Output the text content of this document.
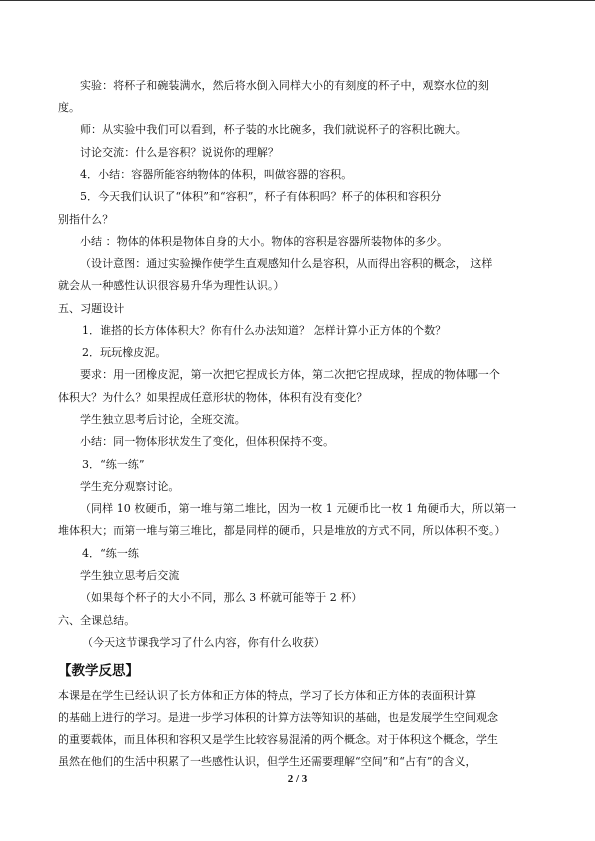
实验：将杯子和碗装满水，然后将水倒入同样大小的有刻度的杯子中，观察水位的刻
度。
师：从实验中我们可以看到，杯子装的水比碗多，我们就说杯子的容积比碗大。
讨论交流：什么是容积？说说你的理解？
4．小结：容器所能容纳物体的体积，叫做容器的容积。
5．今天我们认识了“体积”和“容积”，杯子有体积吗？杯子的体积和容积分
别指什么？
小结 ：物体的体积是物体自身的大小。物体的容积是容器所装物体的多少。
（设计意图：通过实验操作使学生直观感知什么是容积，从而得出容积的概念， 这样
就会从一种感性认识很容易升华为理性认识。）
五、习题设计
1．谁搭的长方体体积大？你有什么办法知道？ 怎样计算小正方体的个数？
2．玩玩橡皮泥。
要求：用一团橡皮泥，第一次把它捏成长方体，第二次把它捏成球，捏成的物体哪一个
体积大？为什么？如果捏成任意形状的物体，体积有没有变化？
学生独立思考后讨论，全班交流。
小结：同一物体形状发生了变化，但体积保持不变。
3．“练一练”
学生充分观察讨论。
（同样 10 枚硬币，第一堆与第二堆比，因为一枚 1 元硬币比一枚 1 角硬币大，所以第一
堆体积大；而第一堆与第三堆比，都是同样的硬币，只是堆放的方式不同，所以体积不变。）
4．“练一练
学生独立思考后交流
（如果每个杯子的大小不同，那么 3 杯就可能等于 2 杯）
六、全课总结。
（今天这节课我学习了什么内容，你有什么收获）
【教学反思】
本课是在学生已经认识了长方体和正方体的特点，学习了长方体和正方体的表面积计算
的基础上进行的学习。是进一步学习体积的计算方法等知识的基础，也是发展学生空间观念
的重要载体，而且体积和容积又是学生比较容易混淆的两个概念。对于体积这个概念，学生
虽然在他们的生活中积累了一些感性认识，但学生还需要理解“空间”和“占有”的含义，
2 / 3
